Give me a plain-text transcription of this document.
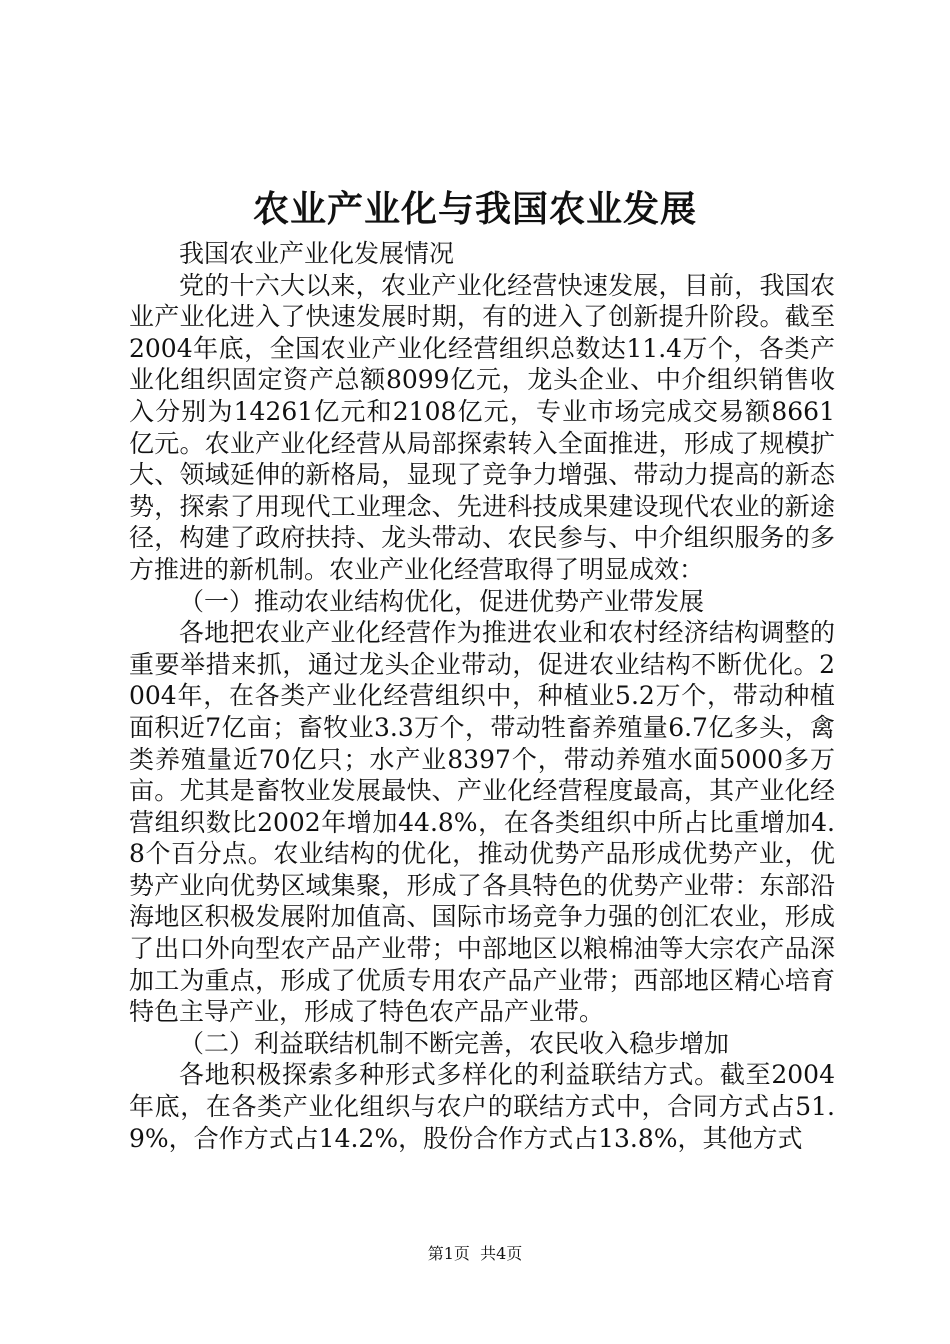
农业产业化与我国农业发展

我国农业产业化发展情况

党的十六大以来，农业产业化经营快速发展，目前，我国农业产业化进入了快速发展时期，有的进入了创新提升阶段。截至2004年底，全国农业产业化经营组织总数达11.4万个，各类产业化组织固定资产总额8099亿元，龙头企业、中介组织销售收入分别为14261亿元和2108亿元，专业市场完成交易额8661亿元。农业产业化经营从局部探索转入全面推进，形成了规模扩大、领域延伸的新格局，显现了竞争力增强、带动力提高的新态势，探索了用现代工业理念、先进科技成果建设现代农业的新途径，构建了政府扶持、龙头带动、农民参与、中介组织服务的多方推进的新机制。农业产业化经营取得了明显成效：

（一）推动农业结构优化，促进优势产业带发展

各地把农业产业化经营作为推进农业和农村经济结构调整的重要举措来抓，通过龙头企业带动，促进农业结构不断优化。2004年，在各类产业化经营组织中，种植业5.2万个，带动种植面积近7亿亩；畜牧业3.3万个，带动牲畜养殖量6.7亿多头，禽类养殖量近70亿只；水产业8397个，带动养殖水面5000多万亩。尤其是畜牧业发展最快、产业化经营程度最高，其产业化经营组织数比2002年增加44.8%，在各类组织中所占比重增加4.8个百分点。农业结构的优化，推动优势产品形成优势产业，优势产业向优势区域集聚，形成了各具特色的优势产业带：东部沿海地区积极发展附加值高、国际市场竞争力强的创汇农业，形成了出口外向型农产品产业带；中部地区以粮棉油等大宗农产品深加工为重点，形成了优质专用农产品产业带；西部地区精心培育特色主导产业，形成了特色农产品产业带。

（二）利益联结机制不断完善，农民收入稳步增加

各地积极探索多种形式多样化的利益联结方式。截至2004年底，在各类产业化组织与农户的联结方式中，合同方式占51.9%，合作方式占14.2%，股份合作方式占13.8%，其他方式

第1页 共4页
